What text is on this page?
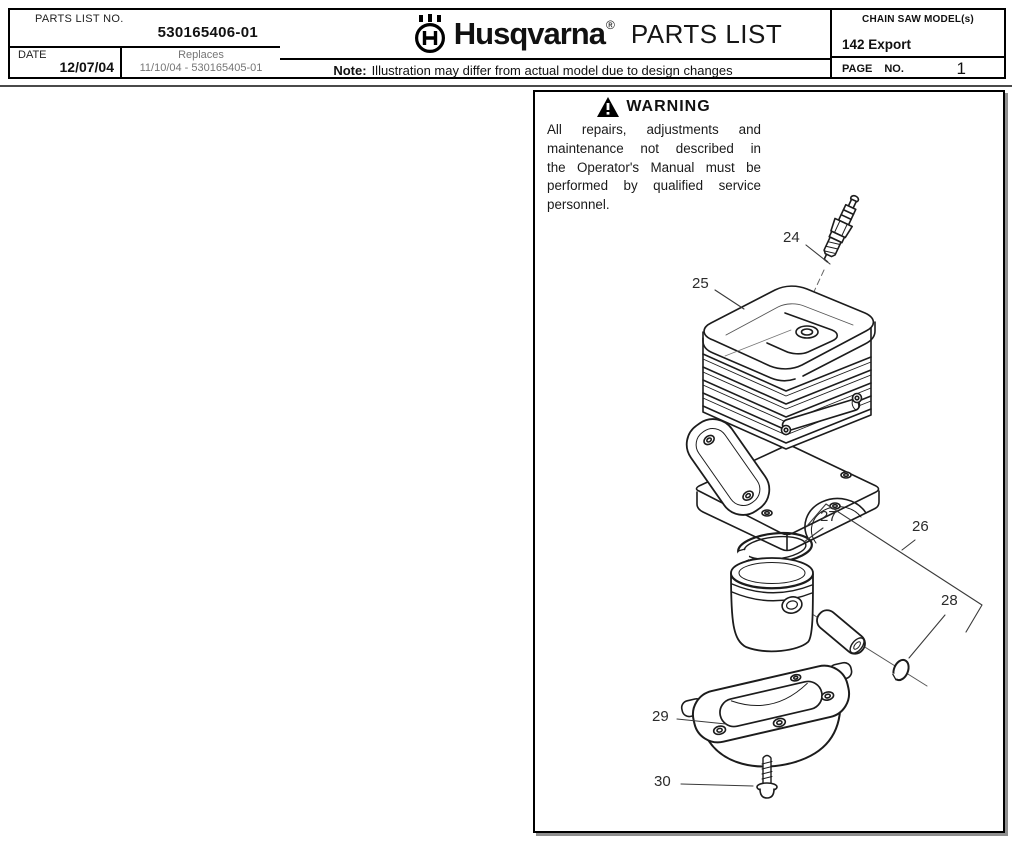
PARTS LIST NO.
530165406-01
DATE
12/07/04
Replaces
11/10/04 - 530165405-01
Husqvarna ® PARTS LIST
Note: Illustration may differ from actual model due to design changes
CHAIN SAW MODEL(s)
142 Export
PAGE NO.	1
WARNING
All repairs, adjustments and
maintenance not described in
the Operator's Manual must be
performed by qualified service
personnel.
24
25
26
27
28
29
30
